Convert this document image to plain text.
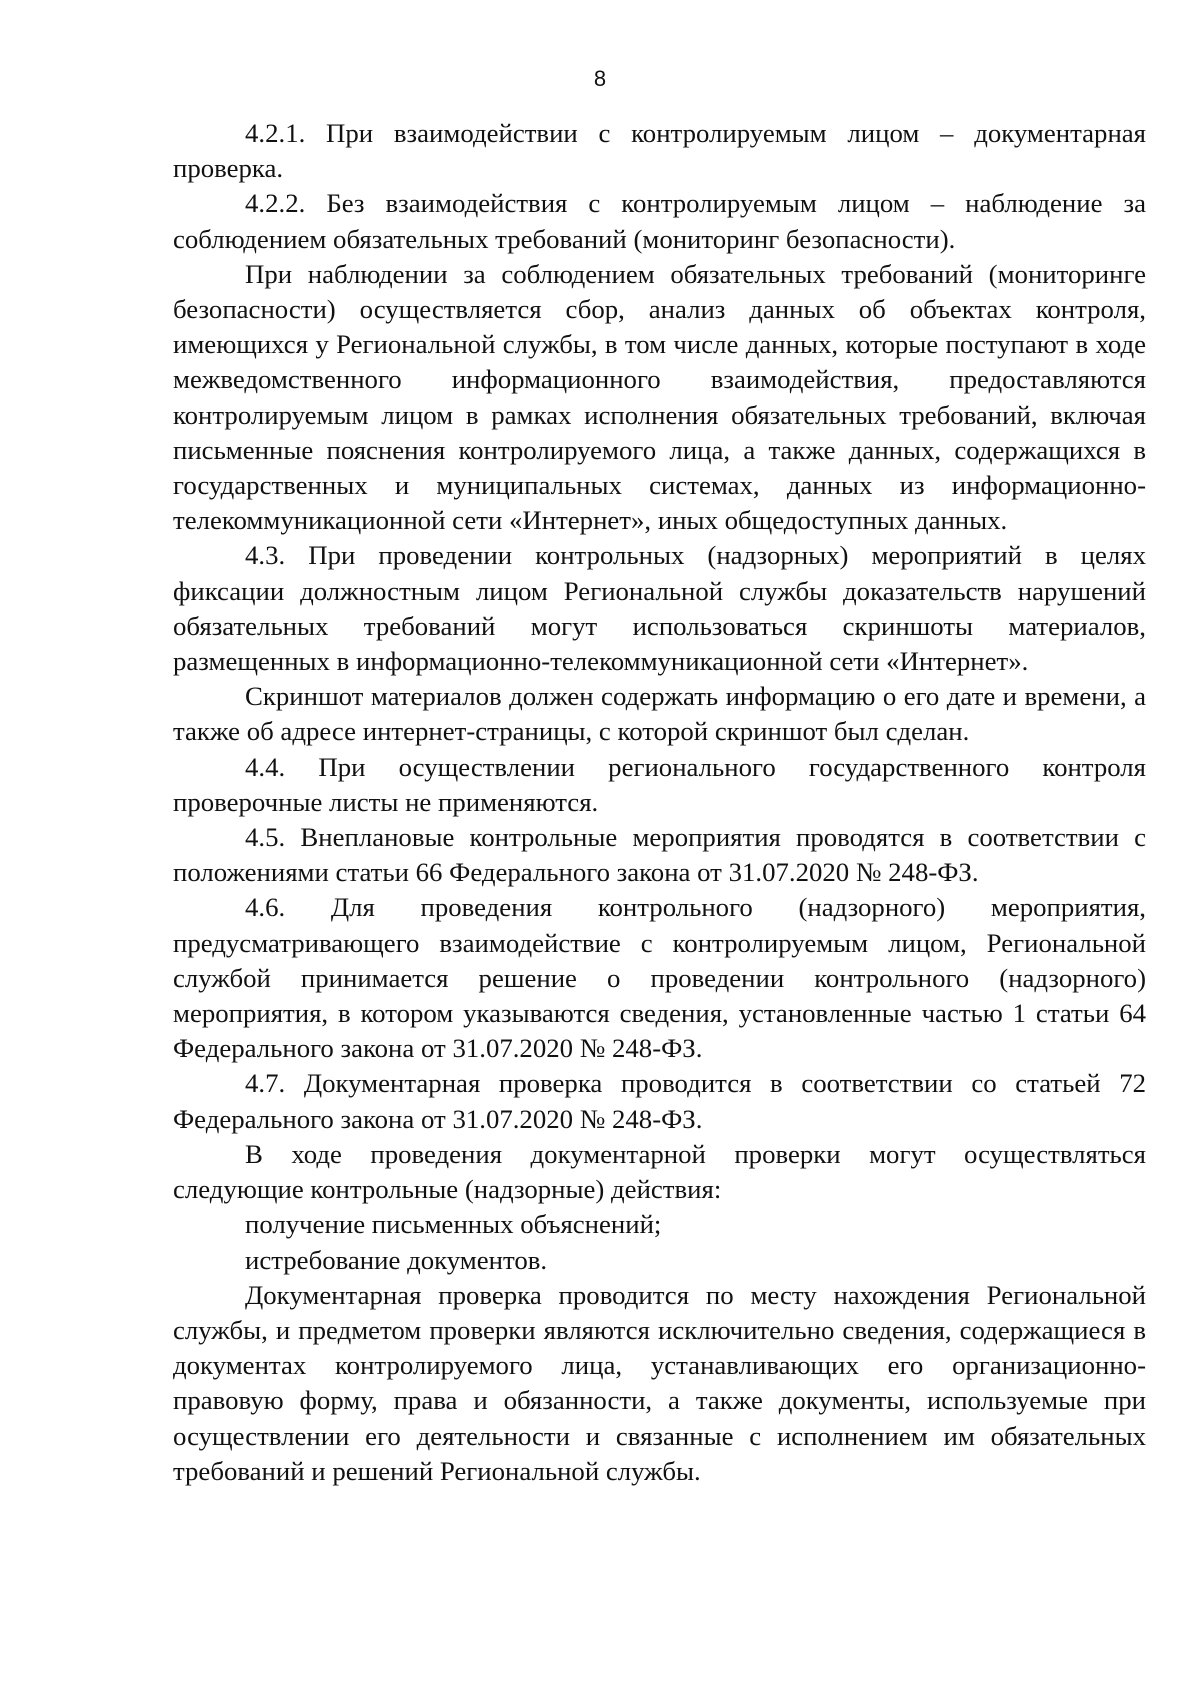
8

4.2.1. При взаимодействии с контролируемым лицом – документарная проверка.

4.2.2. Без взаимодействия с контролируемым лицом – наблюдение за соблюдением обязательных требований (мониторинг безопасности).

При наблюдении за соблюдением обязательных требований (мониторинге безопасности) осуществляется сбор, анализ данных об объектах контроля, имеющихся у Региональной службы, в том числе данных, которые поступают в ходе межведомственного информационного взаимодействия, предоставляются контролируемым лицом в рамках исполнения обязательных требований, включая письменные пояснения контролируемого лица, а также данных, содержащихся в государственных и муниципальных системах, данных из информационно-телекоммуникационной сети «Интернет», иных общедоступных данных.

4.3. При проведении контрольных (надзорных) мероприятий в целях фиксации должностным лицом Региональной службы доказательств нарушений обязательных требований могут использоваться скриншоты материалов, размещенных в информационно-телекоммуникационной сети «Интернет».

Скриншот материалов должен содержать информацию о его дате и времени, а также об адресе интернет-страницы, с которой скриншот был сделан.

4.4. При осуществлении регионального государственного контроля проверочные листы не применяются.

4.5. Внеплановые контрольные мероприятия проводятся в соответствии с положениями статьи 66 Федерального закона от 31.07.2020 № 248-ФЗ.

4.6. Для проведения контрольного (надзорного) мероприятия, предусматривающего взаимодействие с контролируемым лицом, Региональной службой принимается решение о проведении контрольного (надзорного) мероприятия, в котором указываются сведения, установленные частью 1 статьи 64 Федерального закона от 31.07.2020 № 248-ФЗ.

4.7. Документарная проверка проводится в соответствии со статьей 72 Федерального закона от 31.07.2020 № 248-ФЗ.

В ходе проведения документарной проверки могут осуществляться следующие контрольные (надзорные) действия:

получение письменных объяснений;

истребование документов.

Документарная проверка проводится по месту нахождения Региональной службы, и предметом проверки являются исключительно сведения, содержащиеся в документах контролируемого лица, устанавливающих его организационно-правовую форму, права и обязанности, а также документы, используемые при осуществлении его деятельности и связанные с исполнением им обязательных требований и решений Региональной службы.
